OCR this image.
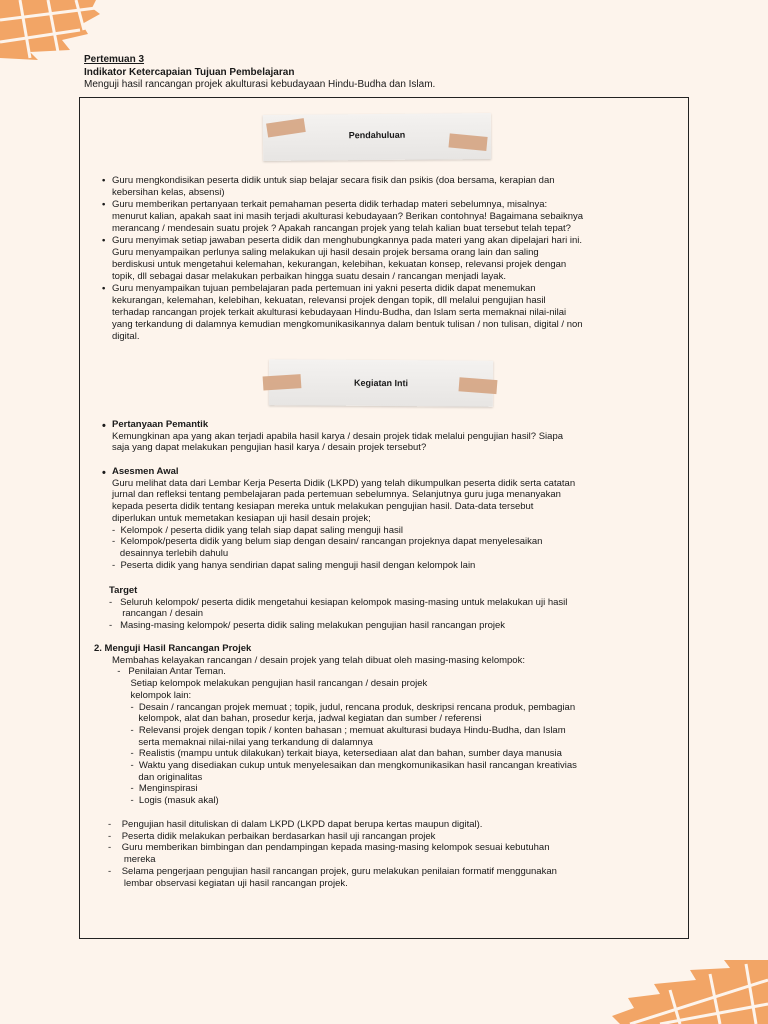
Pertemuan 3
Indikator Ketercapaian Tujuan Pembelajaran
Menguji hasil rancangan projek akulturasi kebudayaan Hindu-Budha dan Islam.
Pendahuluan
• Guru mengkondisikan peserta didik untuk siap belajar secara fisik dan psikis (doa bersama, kerapian dan
kebersihan kelas, absensi)
• Guru memberikan pertanyaan terkait pemahaman peserta didik terhadap materi sebelumnya, misalnya:
menurut kalian, apakah saat ini masih terjadi akulturasi kebudayaan? Berikan contohnya! Bagaimana sebaiknya
merancang / mendesain suatu projek ? Apakah rancangan projek yang telah kalian buat tersebut telah tepat?
• Guru menyimak setiap jawaban peserta didik dan menghubungkannya pada materi yang akan dipelajari hari ini.
Guru menyampaikan perlunya saling melakukan uji hasil desain projek bersama orang lain dan saling
berdiskusi untuk mengetahui kelemahan, kekurangan, kelebihan, kekuatan konsep, relevansi projek dengan
topik, dll sebagai dasar melakukan perbaikan hingga suatu desain / rancangan menjadi layak.
• Guru menyampaikan tujuan pembelajaran pada pertemuan ini yakni peserta didik dapat menemukan
kekurangan, kelemahan, kelebihan, kekuatan, relevansi projek dengan topik, dll melalui pengujian hasil
terhadap rancangan projek terkait akulturasi kebudayaan Hindu-Budha, dan Islam serta memaknai nilai-nilai
yang terkandung di dalamnya kemudian mengkomunikasikannya dalam bentuk tulisan / non tulisan, digital / non
digital.
Kegiatan Inti
• Pertanyaan Pemantik
Kemungkinan apa yang akan terjadi apabila hasil karya / desain projek tidak melalui pengujian hasil? Siapa
saja yang dapat melakukan pengujian hasil karya / desain projek tersebut?
• Asesmen Awal
Guru melihat data dari Lembar Kerja Peserta Didik (LKPD) yang telah dikumpulkan peserta didik serta catatan
jurnal dan refleksi tentang pembelajaran pada pertemuan sebelumnya. Selanjutnya guru juga menanyakan
kepada peserta didik tentang kesiapan mereka untuk melakukan pengujian hasil. Data-data tersebut
diperlukan untuk memetakan kesiapan uji hasil desain projek;
-  Kelompok / peserta didik yang telah siap dapat saling menguji hasil
-  Kelompok/peserta didik yang belum siap dengan desain/ rancangan projeknya dapat menyelesaikan
desainnya terlebih dahulu
-  Peserta didik yang hanya sendirian dapat saling menguji hasil dengan kelompok lain
Target
-   Seluruh kelompok/ peserta didik mengetahui kesiapan kelompok masing-masing untuk melakukan uji hasil
rancangan / desain
-   Masing-masing kelompok/ peserta didik saling melakukan pengujian hasil rancangan projek
2. Menguji Hasil Rancangan Projek
Membahas kelayakan rancangan / desain projek yang telah dibuat oleh masing-masing kelompok:
-   Penilaian Antar Teman.
Setiap kelompok melakukan pengujian hasil rancangan / desain projek
kelompok lain:
-  Desain / rancangan projek memuat ; topik, judul, rencana produk, deskripsi rencana produk, pembagian
kelompok, alat dan bahan, prosedur kerja, jadwal kegiatan dan sumber / referensi
-  Relevansi projek dengan topik / konten bahasan ; memuat akulturasi budaya Hindu-Budha, dan Islam
serta memaknai nilai-nilai yang terkandung di dalamnya
-  Realistis (mampu untuk dilakukan) terkait biaya, ketersediaan alat dan bahan, sumber daya manusia
-  Waktu yang disediakan cukup untuk menyelesaikan dan mengkomunikasikan hasil rancangan kreativias
dan originalitas
-  Menginspirasi
-  Logis (masuk akal)
-    Pengujian hasil dituliskan di dalam LKPD (LKPD dapat berupa kertas maupun digital).
-    Peserta didik melakukan perbaikan berdasarkan hasil uji rancangan projek
-    Guru memberikan bimbingan dan pendampingan kepada masing-masing kelompok sesuai kebutuhan
mereka
-    Selama pengerjaan pengujian hasil rancangan projek, guru melakukan penilaian formatif menggunakan
lembar observasi kegiatan uji hasil rancangan projek.
